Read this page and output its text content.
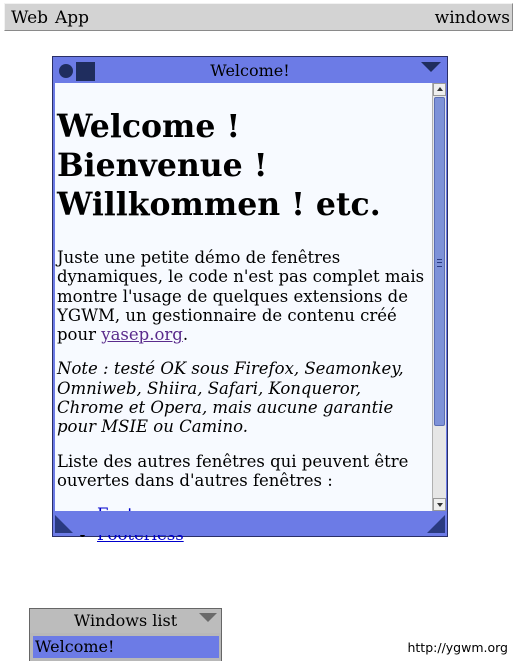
Web App	windows
Welcome!
Welcome !
Bienvenue !
Willkommen ! etc.

Juste une petite démo de fenêtres dynamiques, le code n'est pas complet mais montre l'usage de quelques extensions de YGWM, un gestionnaire de contenu créé pour yasep.org.

Note : testé OK sous Firefox, Seamonkey, Omniweb, Shiira, Safari, Konqueror, Chrome et Opera, mais aucune garantie pour MSIE ou Camino.

Liste des autres fenêtres qui peuvent être ouvertes dans d'autres fenêtres :

•
•
Windows list
Welcome!	http://ygwm.org
